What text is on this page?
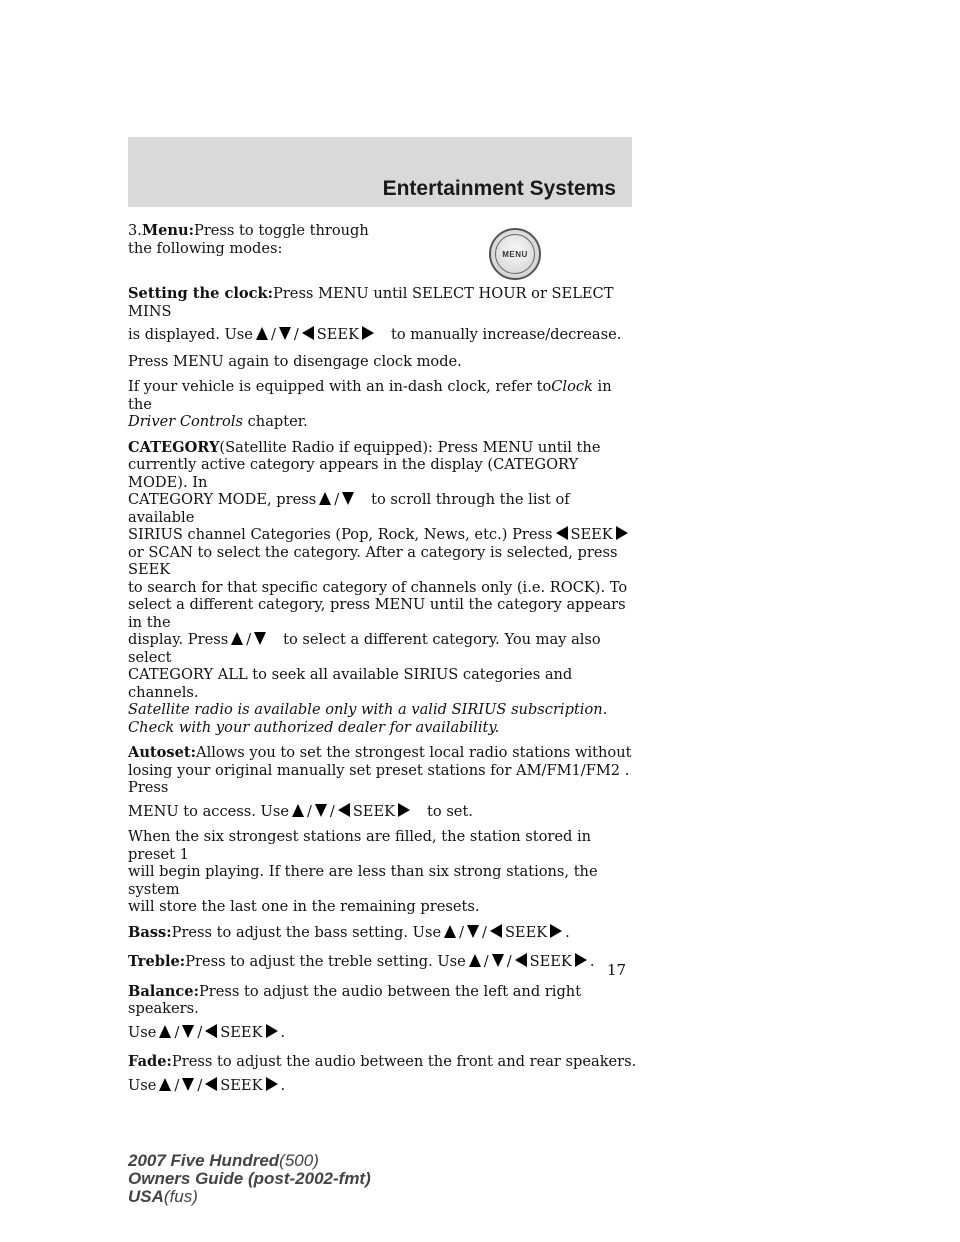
Entertainment Systems
MENU

3.Menu:Press to toggle through
the following modes:

Setting the clock:Press MENU until SELECT HOUR or SELECT MINS

is displayed. Use / / SEEK to manually increase/decrease.

Press MENU again to disengage clock mode.

If your vehicle is equipped with an in-dash clock, refer toClock in the
Driver Controls chapter.

CATEGORY(Satellite Radio if equipped): Press MENU until the
currently active category appears in the display (CATEGORY MODE). In
CATEGORY MODE, press / to scroll through the list of available
SIRIUS channel Categories (Pop, Rock, News, etc.) Press SEEK
or SCAN to select the category. After a category is selected, press SEEK
to search for that specific category of channels only (i.e. ROCK). To
select a different category, press MENU until the category appears in the
display. Press / to select a different category. You may also select
CATEGORY ALL to seek all available SIRIUS categories and channels.
Satellite radio is available only with a valid SIRIUS subscription.
Check with your authorized dealer for availability.

Autoset:Allows you to set the strongest local radio stations without
losing your original manually set preset stations for AM/FM1/FM2 . Press

MENU to access. Use / / SEEK to set.

When the six strongest stations are filled, the station stored in preset 1
will begin playing. If there are less than six strong stations, the system
will store the last one in the remaining presets.

Bass:Press to adjust the bass setting. Use / / SEEK .

Treble:Press to adjust the treble setting. Use / / SEEK .

Balance:Press to adjust the audio between the left and right speakers.

Use / / SEEK .

Fade:Press to adjust the audio between the front and rear speakers.

Use / / SEEK .

17
2007 Five Hundred(500)
Owners Guide (post-2002-fmt)
USA(fus)
